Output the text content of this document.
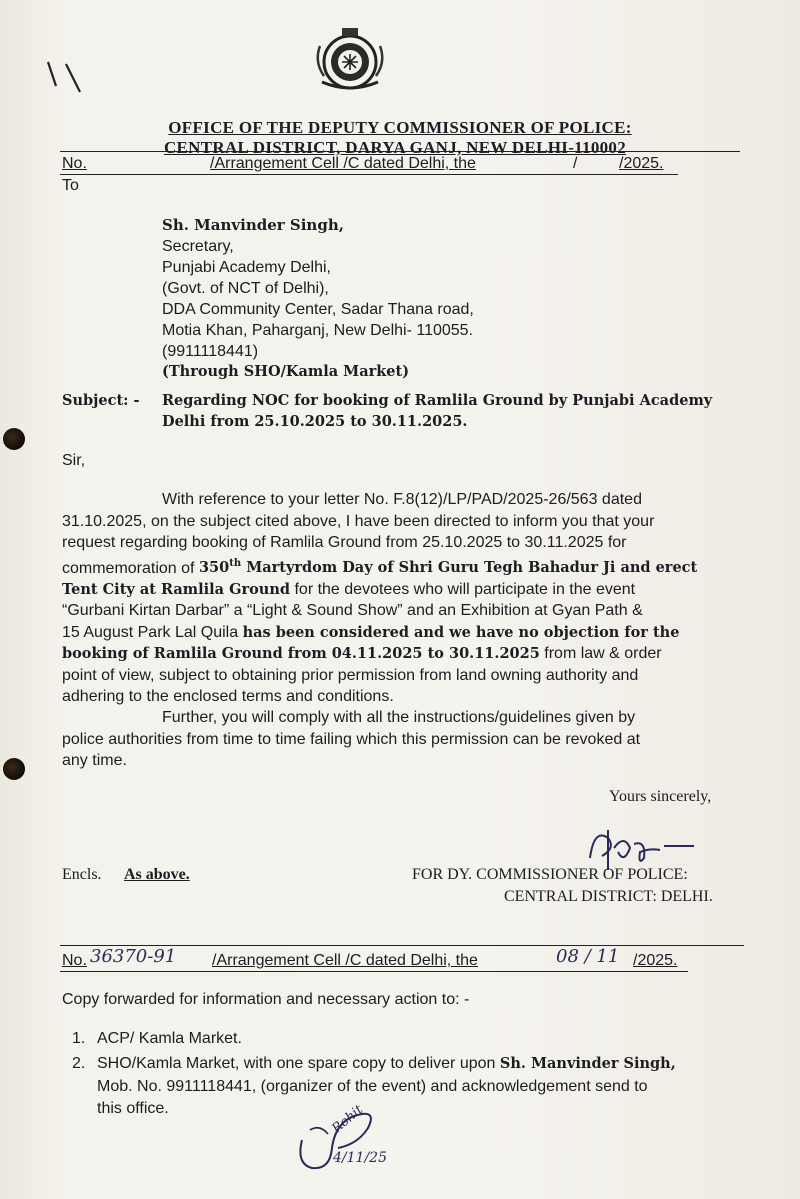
OFFICE OF THE DEPUTY COMMISSIONER OF POLICE:
CENTRAL DISTRICT, DARYA GANJ, NEW DELHI-110002
No.	/Arrangement Cell /C dated Delhi, the	/	/2025.
To
Sh. Manvinder Singh,
Secretary,
Punjabi Academy Delhi,
(Govt. of NCT of Delhi),
DDA Community Center, Sadar Thana road,
Motia Khan, Paharganj, New Delhi- 110055.
(9911118441)
(Through SHO/Kamla Market)
Subject: - Regarding NOC for booking of Ramlila Ground by Punjabi Academy
Delhi from 25.10.2025 to 30.11.2025.
Sir,
With reference to your letter No. F.8(12)/LP/PAD/2025-26/563 dated
31.10.2025, on the subject cited above, I have been directed to inform you that your
request regarding booking of Ramlila Ground from 25.10.2025 to 30.11.2025 for
commemoration of 350th Martyrdom Day of Shri Guru Tegh Bahadur Ji and erect
Tent City at Ramlila Ground for the devotees who will participate in the event
“Gurbani Kirtan Darbar” a “Light & Sound Show” and an Exhibition at Gyan Path &
15 August Park Lal Quila has been considered and we have no objection for the
booking of Ramlila Ground from 04.11.2025 to 30.11.2025 from law & order
point of view, subject to obtaining prior permission from land owning authority and
adhering to the enclosed terms and conditions.
Further, you will comply with all the instructions/guidelines given by
police authorities from time to time failing which this permission can be revoked at
any time.
Yours sincerely,
Encls. As above.	FOR DY. COMMISSIONER OF POLICE:
CENTRAL DISTRICT: DELHI.
No. 36370-91 /Arrangement Cell /C dated Delhi, the	08 / 11 /2025.
Copy forwarded for information and necessary action to: -
1. ACP/ Kamla Market.
2. SHO/Kamla Market, with one spare copy to deliver upon Sh. Manvinder Singh,
Mob. No. 9911118441, (organizer of the event) and acknowledgement send to
this office.	Rohit
4/11/25
